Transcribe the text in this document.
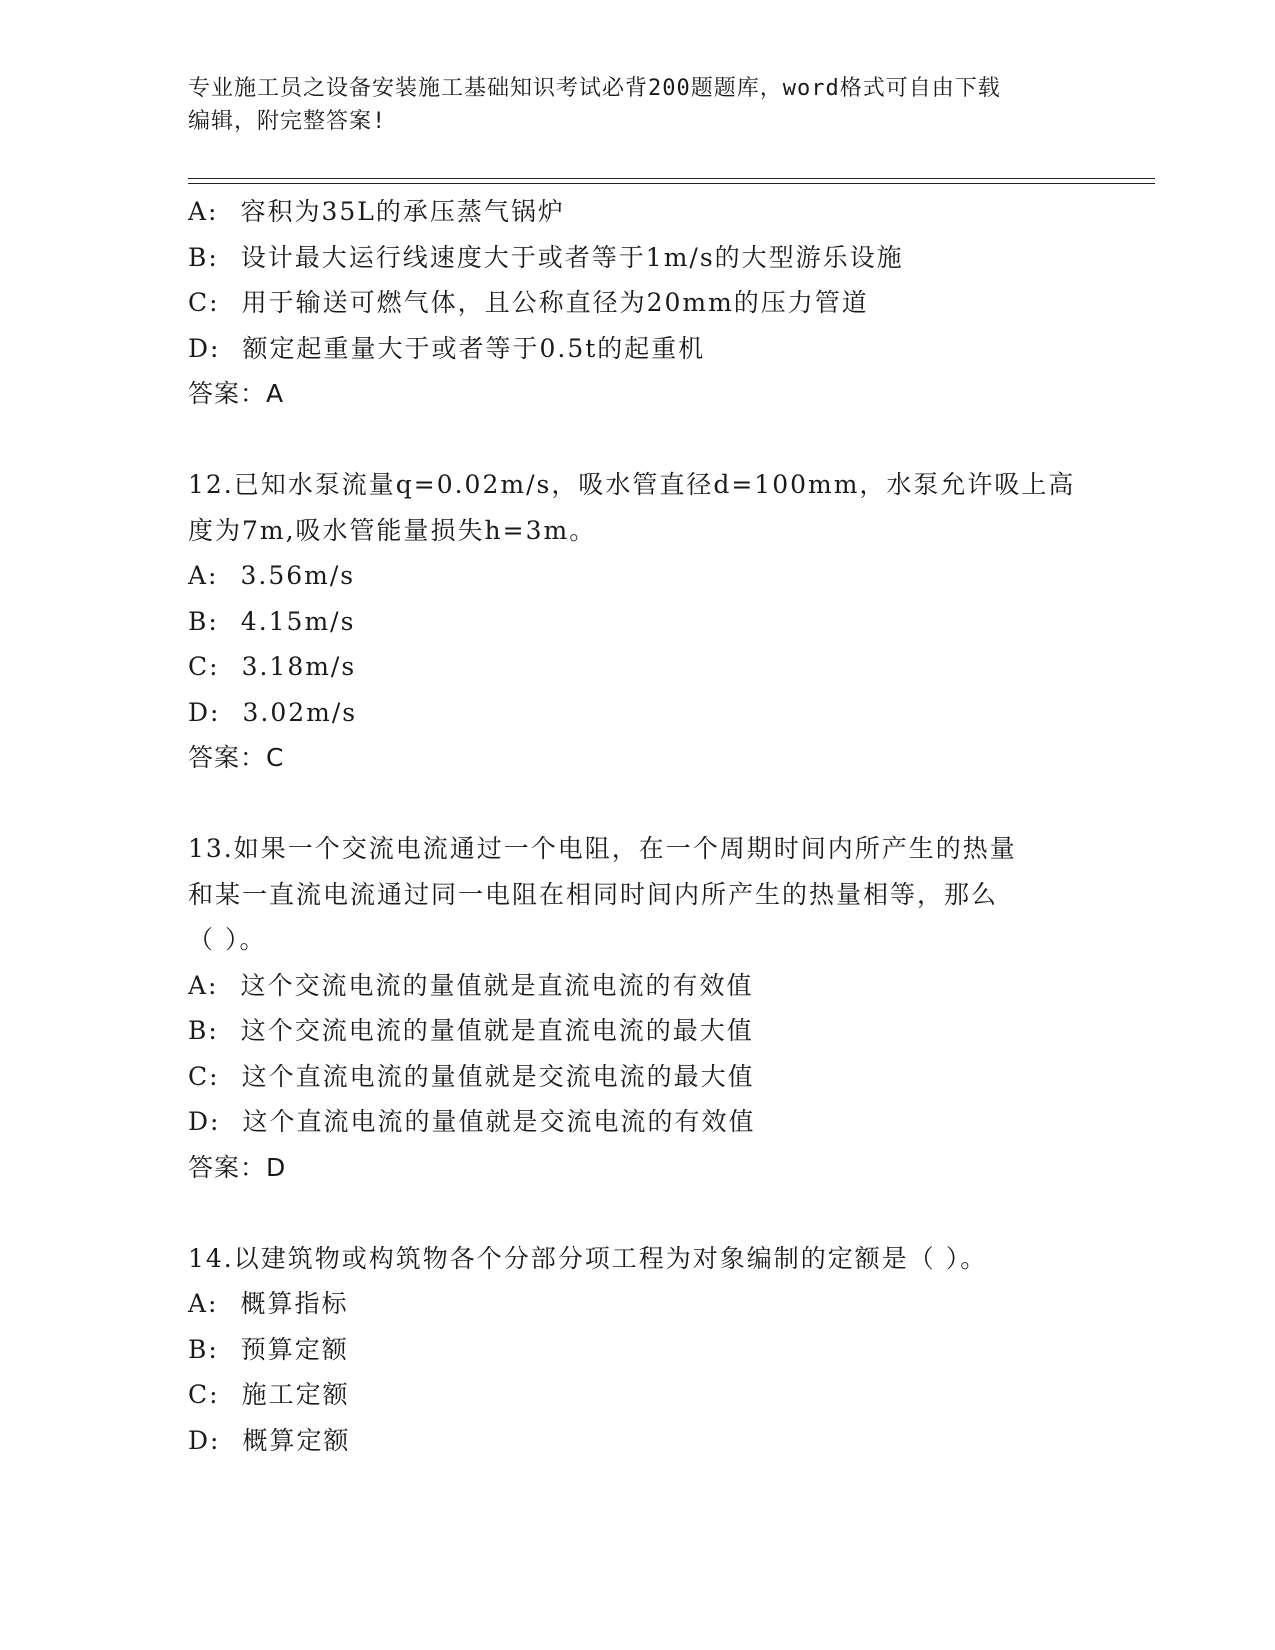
专业施工员之设备安装施工基础知识考试必背200题题库，word格式可自由下载
编辑，附完整答案!
A: 容积为35L的承压蒸气锅炉
B: 设计最大运行线速度大于或者等于1m/s的大型游乐设施
C: 用于输送可燃气体，且公称直径为20mm的压力管道
D: 额定起重量大于或者等于0.5t的起重机
答案：A
12.已知水泵流量q=0.02m/s，吸水管直径d=100mm，水泵允许吸上高
度为7m,吸水管能量损失h=3m。
A: 3.56m/s
B: 4.15m/s
C: 3.18m/s
D: 3.02m/s
答案：C
13.如果一个交流电流通过一个电阻，在一个周期时间内所产生的热量
和某一直流电流通过同一电阻在相同时间内所产生的热量相等，那么
（ ）。
A: 这个交流电流的量值就是直流电流的有效值
B: 这个交流电流的量值就是直流电流的最大值
C: 这个直流电流的量值就是交流电流的最大值
D: 这个直流电流的量值就是交流电流的有效值
答案：D
14.以建筑物或构筑物各个分部分项工程为对象编制的定额是（ ）。
A: 概算指标
B: 预算定额
C: 施工定额
D: 概算定额
